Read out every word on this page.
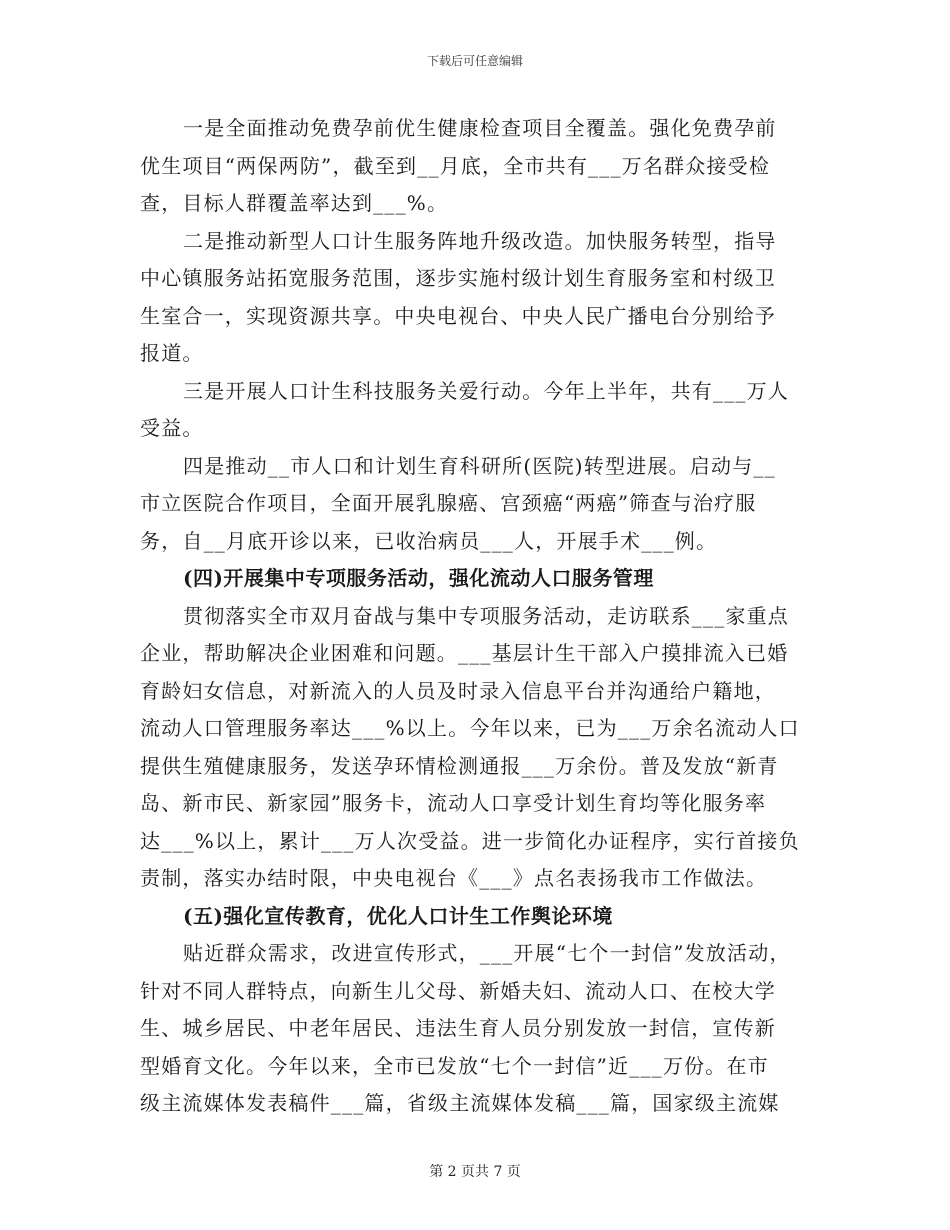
下载后可任意编辑
一是全面推动免费孕前优生健康检查项目全覆盖。强化免费孕前
优生项目“两保两防”，截至到__月底，全市共有___万名群众接受检
查，目标人群覆盖率达到___%。
二是推动新型人口计生服务阵地升级改造。加快服务转型，指导
中心镇服务站拓宽服务范围，逐步实施村级计划生育服务室和村级卫
生室合一，实现资源共享。中央电视台、中央人民广播电台分别给予
报道。
三是开展人口计生科技服务关爱行动。今年上半年，共有___万人
受益。
四是推动__市人口和计划生育科研所(医院)转型进展。启动与__
市立医院合作项目，全面开展乳腺癌、宫颈癌“两癌”筛查与治疗服
务，自__月底开诊以来，已收治病员___人，开展手术___例。
(四)开展集中专项服务活动，强化流动人口服务管理
贯彻落实全市双月奋战与集中专项服务活动，走访联系___家重点
企业，帮助解决企业困难和问题。___基层计生干部入户摸排流入已婚
育龄妇女信息，对新流入的人员及时录入信息平台并沟通给户籍地，
流动人口管理服务率达___%以上。今年以来，已为___万余名流动人口
提供生殖健康服务，发送孕环情检测通报___万余份。普及发放“新青
岛、新市民、新家园”服务卡，流动人口享受计划生育均等化服务率
达___%以上，累计___万人次受益。进一步简化办证程序，实行首接负
责制，落实办结时限，中央电视台《___》点名表扬我市工作做法。
(五)强化宣传教育，优化人口计生工作舆论环境
贴近群众需求，改进宣传形式，___开展“七个一封信”发放活动，
针对不同人群特点，向新生儿父母、新婚夫妇、流动人口、在校大学
生、城乡居民、中老年居民、违法生育人员分别发放一封信，宣传新
型婚育文化。今年以来，全市已发放“七个一封信”近___万份。在市
级主流媒体发表稿件___篇，省级主流媒体发稿___篇，国家级主流媒
第 2 页共 7 页
